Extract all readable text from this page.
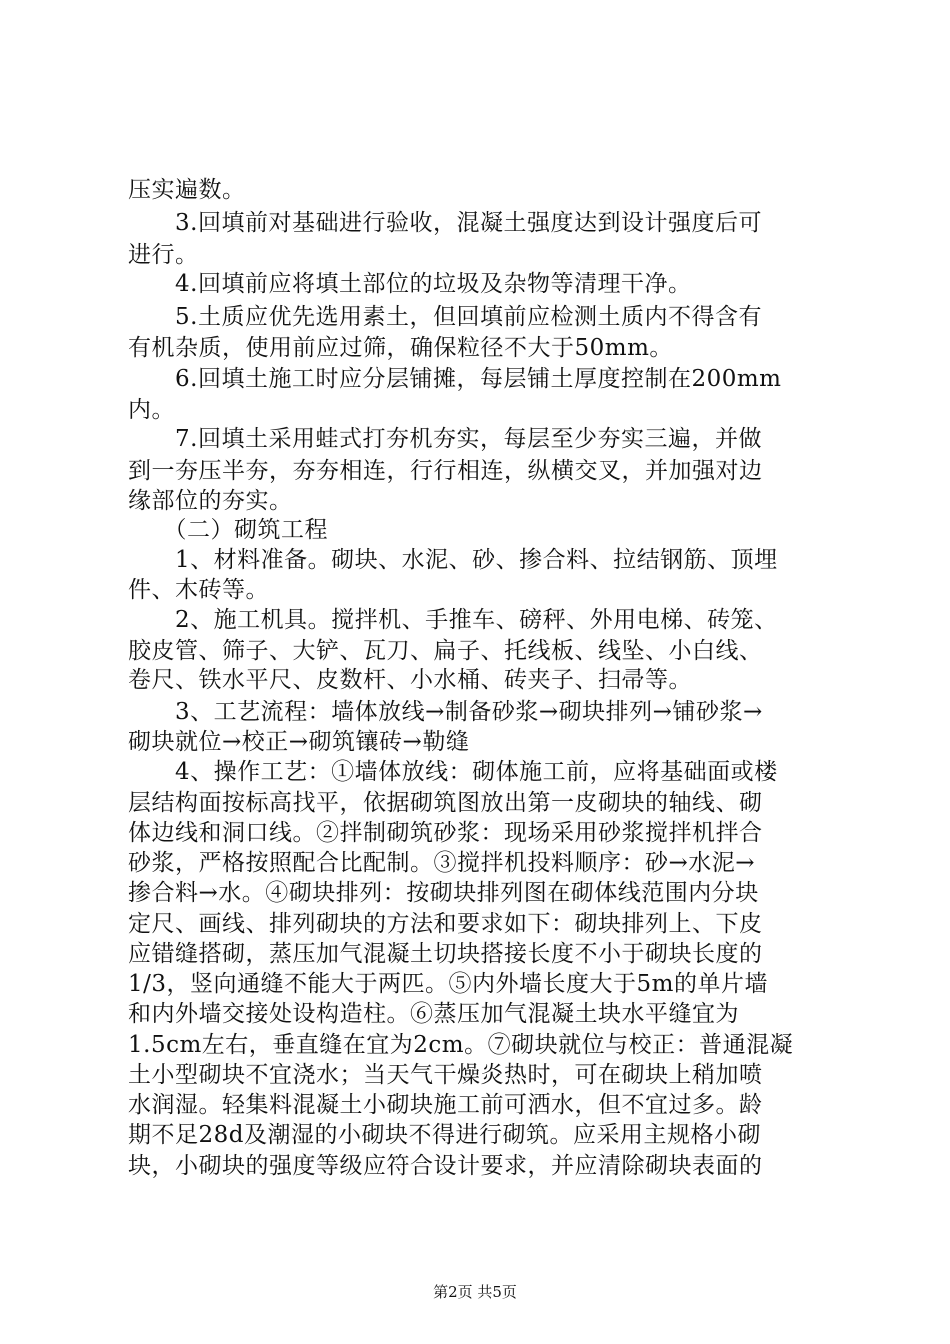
压实遍数。
　　3.回填前对基础进行验收，混凝土强度达到设计强度后可
进行。
　　4.回填前应将填土部位的垃圾及杂物等清理干净。
　　5.土质应优先选用素土，但回填前应检测土质内不得含有
有机杂质，使用前应过筛，确保粒径不大于50mm。
　　6.回填土施工时应分层铺摊，每层铺土厚度控制在200mm
内。
　　7.回填土采用蛙式打夯机夯实，每层至少夯实三遍，并做
到一夯压半夯，夯夯相连，行行相连，纵横交叉，并加强对边
缘部位的夯实。
　　（二）砌筑工程
　　1、材料准备。砌块、水泥、砂、掺合料、拉结钢筋、顶埋
件、木砖等。
　　2、施工机具。搅拌机、手推车、磅秤、外用电梯、砖笼、
胶皮管、筛子、大铲、瓦刀、扁子、托线板、线坠、小白线、
卷尺、铁水平尺、皮数杆、小水桶、砖夹子、扫帚等。
　　3、工艺流程：墙体放线→制备砂浆→砌块排列→铺砂浆→
砌块就位→校正→砌筑镶砖→勒缝
　　4、操作工艺：①墙体放线：砌体施工前，应将基础面或楼
层结构面按标高找平，依据砌筑图放出第一皮砌块的轴线、砌
体边线和洞口线。②拌制砌筑砂浆：现场采用砂浆搅拌机拌合
砂浆，严格按照配合比配制。③搅拌机投料顺序：砂→水泥→
掺合料→水。④砌块排列：按砌块排列图在砌体线范围内分块
定尺、画线、排列砌块的方法和要求如下：砌块排列上、下皮
应错缝搭砌，蒸压加气混凝土切块搭接长度不小于砌块长度的
1/3，竖向通缝不能大于两匹。⑤内外墙长度大于5m的单片墙
和内外墙交接处设构造柱。⑥蒸压加气混凝土块水平缝宜为
1.5cm左右，垂直缝在宜为2cm。⑦砌块就位与校正：普通混凝
土小型砌块不宜浇水；当天气干燥炎热时，可在砌块上稍加喷
水润湿。轻集料混凝土小砌块施工前可洒水，但不宜过多。龄
期不足28d及潮湿的小砌块不得进行砌筑。应采用主规格小砌
块，小砌块的强度等级应符合设计要求，并应清除砌块表面的
第2页 共5页
